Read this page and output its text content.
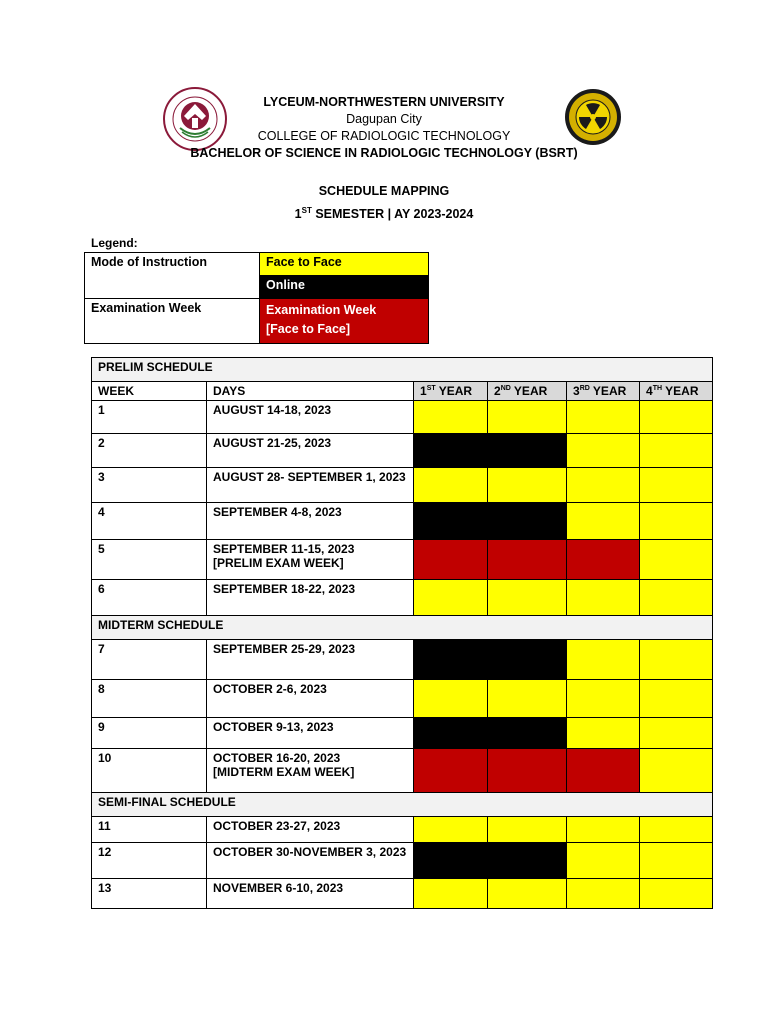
LYCEUM-NORTHWESTERN UNIVERSITY
Dagupan City
COLLEGE OF RADIOLOGIC TECHNOLOGY
BACHELOR OF SCIENCE IN RADIOLOGIC TECHNOLOGY (BSRT)
SCHEDULE MAPPING
1ST SEMESTER | AY 2023-2024
Legend:
Mode of Instruction	Face to Face
	Online
Examination Week	Examination Week
[Face to Face]
PRELIM SCHEDULE					
WEEK	DAYS	1ST YEAR	2ND YEAR	3RD YEAR	4TH YEAR
1	AUGUST 14-18, 2023				

2	AUGUST 21-25, 2023				

3	AUGUST 28- SEPTEMBER 1, 2023				

4	SEPTEMBER 4-8, 2023				

5	SEPTEMBER 11-15, 2023
[PRELIM EXAM WEEK]				

6	SEPTEMBER 18-22, 2023				

MIDTERM SCHEDULE					
7	SEPTEMBER 25-29, 2023				

8	OCTOBER 2-6, 2023				

9	OCTOBER 9-13, 2023				

10	OCTOBER 16-20, 2023
[MIDTERM EXAM WEEK]				

SEMI-FINAL SCHEDULE					
11	OCTOBER 23-27, 2023				

12	OCTOBER 30-NOVEMBER 3, 2023				

13	NOVEMBER 6-10, 2023				
